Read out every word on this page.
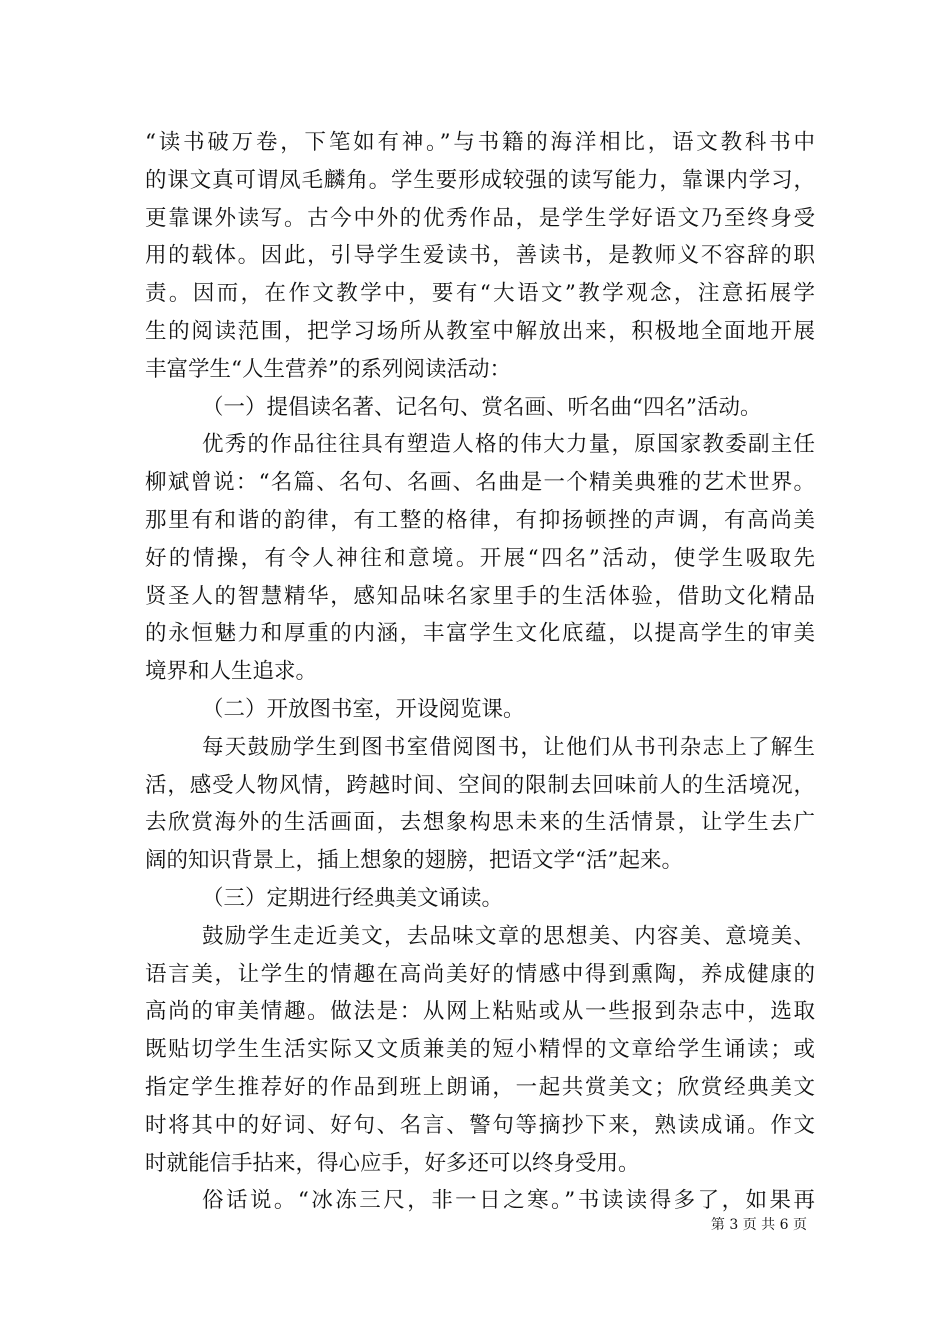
“读书破万卷，下笔如有神。”与书籍的海洋相比，语文教科书中
的课文真可谓凤毛麟角。学生要形成较强的读写能力，靠课内学习，
更靠课外读写。古今中外的优秀作品，是学生学好语文乃至终身受
用的载体。因此，引导学生爱读书，善读书，是教师义不容辞的职
责。因而，在作文教学中，要有“大语文”教学观念，注意拓展学
生的阅读范围，把学习场所从教室中解放出来，积极地全面地开展
丰富学生“人生营养”的系列阅读活动：
（一）提倡读名著、记名句、赏名画、听名曲“四名”活动。
优秀的作品往往具有塑造人格的伟大力量，原国家教委副主任
柳斌曾说：“名篇、名句、名画、名曲是一个精美典雅的艺术世界。
那里有和谐的韵律，有工整的格律，有抑扬顿挫的声调，有高尚美
好的情操，有令人神往和意境。开展“四名”活动，使学生吸取先
贤圣人的智慧精华，感知品味名家里手的生活体验，借助文化精品
的永恒魅力和厚重的内涵，丰富学生文化底蕴，以提高学生的审美
境界和人生追求。
（二）开放图书室，开设阅览课。
每天鼓励学生到图书室借阅图书，让他们从书刊杂志上了解生
活，感受人物风情，跨越时间、空间的限制去回味前人的生活境况，
去欣赏海外的生活画面，去想象构思未来的生活情景，让学生去广
阔的知识背景上，插上想象的翅膀，把语文学“活”起来。
（三）定期进行经典美文诵读。
鼓励学生走近美文，去品味文章的思想美、内容美、意境美、
语言美，让学生的情趣在高尚美好的情感中得到熏陶，养成健康的
高尚的审美情趣。做法是：从网上粘贴或从一些报到杂志中，选取
既贴切学生生活实际又文质兼美的短小精悍的文章给学生诵读；或
指定学生推荐好的作品到班上朗诵，一起共赏美文；欣赏经典美文
时将其中的好词、好句、名言、警句等摘抄下来，熟读成诵。作文
时就能信手拈来，得心应手，好多还可以终身受用。
俗话说。“冰冻三尺，非一日之寒。”书读读得多了，如果再
第 3 页 共 6 页
